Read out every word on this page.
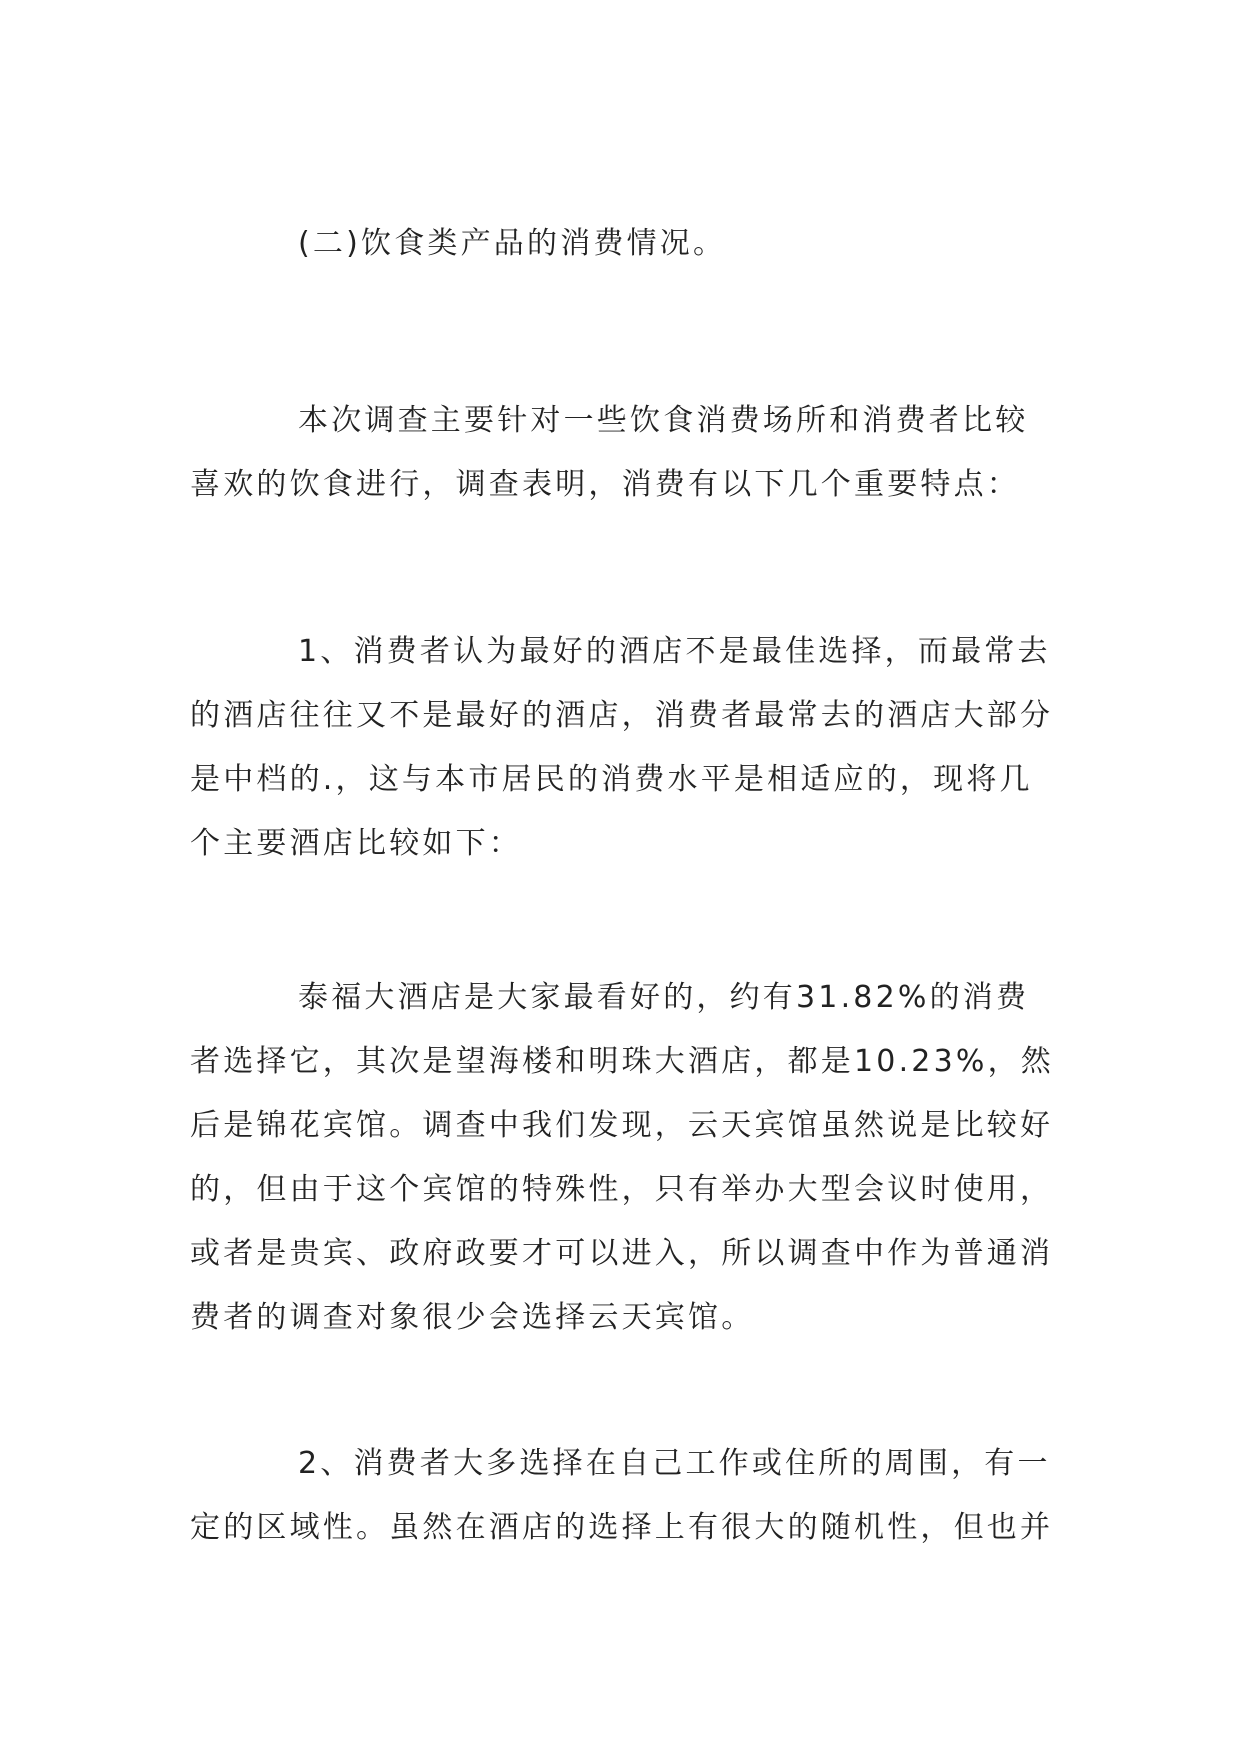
(二)饮食类产品的消费情况。

本次调查主要针对一些饮食消费场所和消费者比较喜欢的饮食进行，调查表明，消费有以下几个重要特点：

1、消费者认为最好的酒店不是最佳选择，而最常去的酒店往往又不是最好的酒店，消费者最常去的酒店大部分是中档的.，这与本市居民的消费水平是相适应的，现将几个主要酒店比较如下：

泰福大酒店是大家最看好的，约有31.82%的消费者选择它，其次是望海楼和明珠大酒店，都是10.23%，然后是锦花宾馆。调查中我们发现，云天宾馆虽然说是比较好的，但由于这个宾馆的特殊性，只有举办大型会议时使用，或者是贵宾、政府政要才可以进入，所以调查中作为普通消费者的调查对象很少会选择云天宾馆。

2、消费者大多选择在自己工作或住所的周围，有一定的区域性。虽然在酒店的选择上有很大的随机性，但也并
